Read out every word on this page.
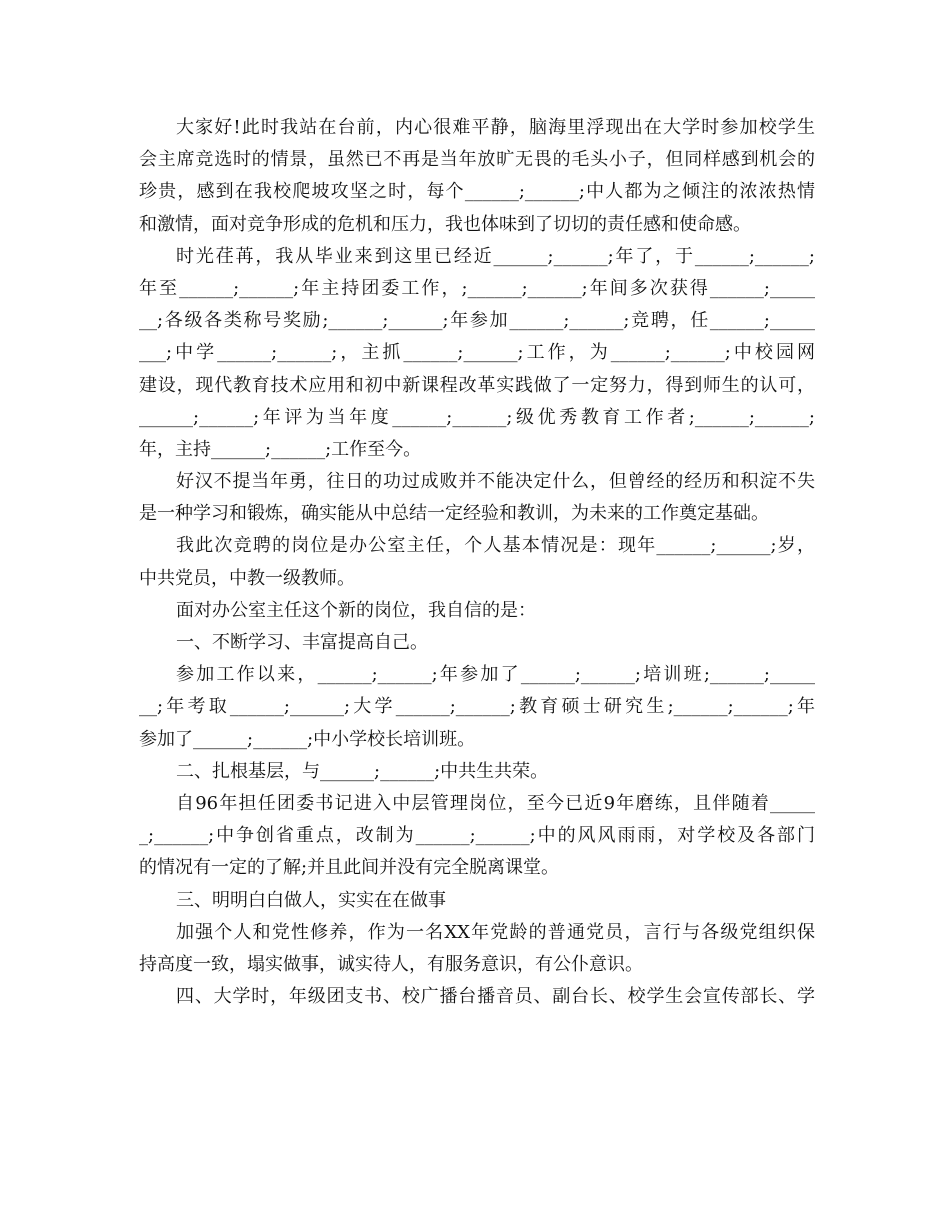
大家好!此时我站在台前，内心很难平静，脑海里浮现出在大学时参加校学生
会主席竞选时的情景，虽然已不再是当年放旷无畏的毛头小子，但同样感到机会的
珍贵，感到在我校爬坡攻坚之时，每个______;______;中人都为之倾注的浓浓热情
和激情，面对竞争形成的危机和压力，我也体味到了切切的责任感和使命感。
时光荏苒，我从毕业来到这里已经近______;______;年了，于______;______;
年至______;______;年主持团委工作，;______;______;年间多次获得______;_____
__;各级各类称号奖励;______;______;年参加______;______;竞聘，任______;_____
___;中学______;______;，主抓______;______;工作，为______;______;中校园网
建设，现代教育技术应用和初中新课程改革实践做了一定努力，得到师生的认可，
______;______;年评为当年度______;______;级优秀教育工作者;______;______;
年，主持______;______;工作至今。
好汉不提当年勇，往日的功过成败并不能决定什么，但曾经的经历和积淀不失
是一种学习和锻炼，确实能从中总结一定经验和教训，为未来的工作奠定基础。
我此次竞聘的岗位是办公室主任，个人基本情况是：现年______;______;岁，
中共党员，中教一级教师。
面对办公室主任这个新的岗位，我自信的是：
一、不断学习、丰富提高自己。
参加工作以来，______;______;年参加了______;______;培训班;______;_____
__;年考取______;______;大学______;______;教育硕士研究生;______;______;年
参加了______;______;中小学校长培训班。
二、扎根基层，与______;______;中共生共荣。
自96年担任团委书记进入中层管理岗位，至今已近9年磨练，且伴随着_____
_;______;中争创省重点，改制为______;______;中的风风雨雨，对学校及各部门
的情况有一定的了解;并且此间并没有完全脱离课堂。
三、明明白白做人，实实在在做事
加强个人和党性修养，作为一名XX年党龄的普通党员，言行与各级党组织保
持高度一致，塌实做事，诚实待人，有服务意识，有公仆意识。
四、大学时，年级团支书、校广播台播音员、副台长、校学生会宣传部长、学
